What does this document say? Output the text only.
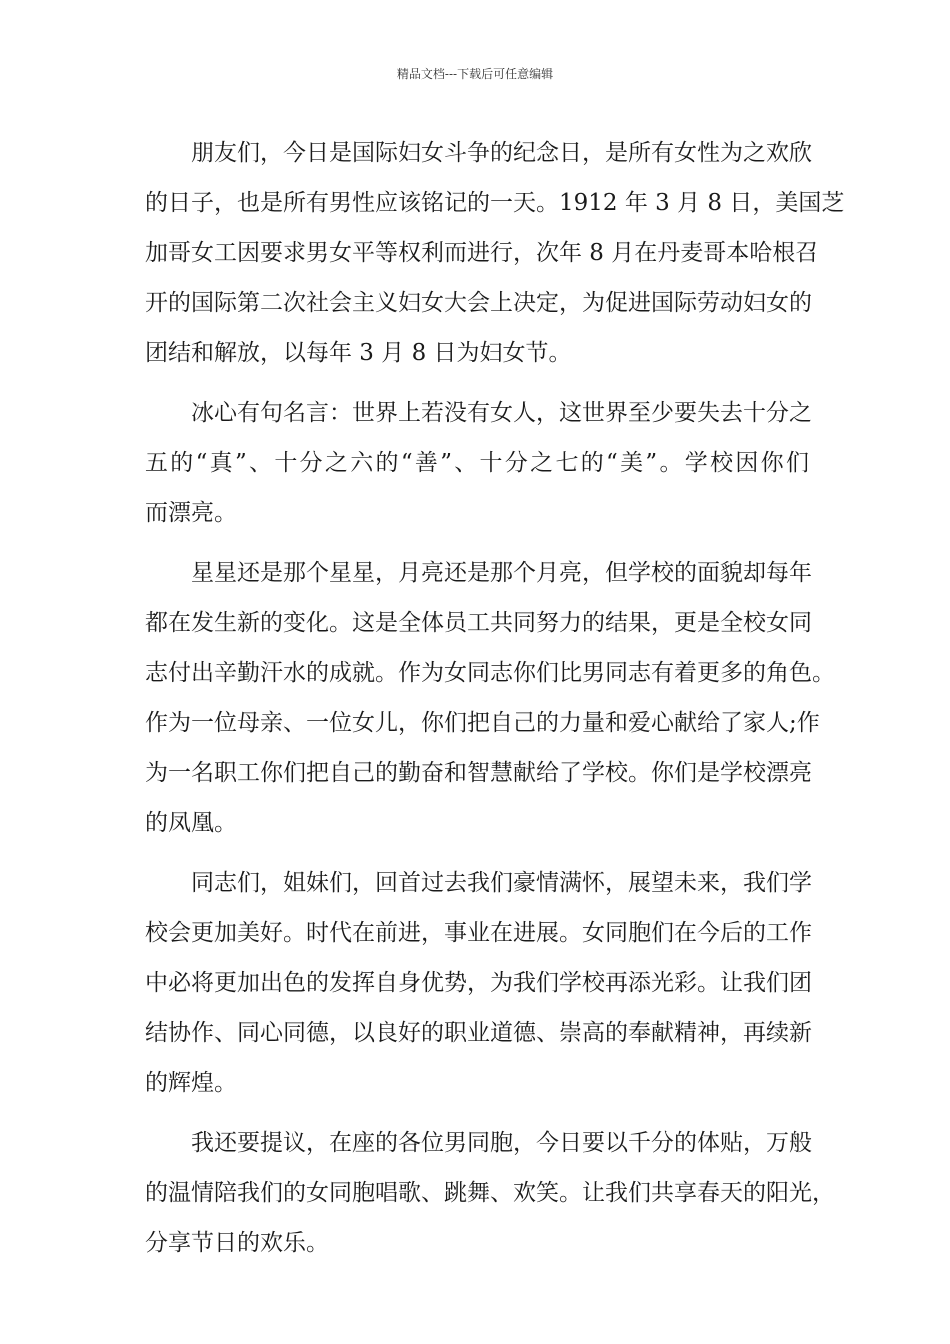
精品文档---下载后可任意编辑
朋友们，今日是国际妇女斗争的纪念日，是所有女性为之欢欣
的日子，也是所有男性应该铭记的一天。1912 年 3 月 8 日，美国芝
加哥女工因要求男女平等权利而进行，次年 8 月在丹麦哥本哈根召
开的国际第二次社会主义妇女大会上决定，为促进国际劳动妇女的
团结和解放，以每年 3 月 8 日为妇女节。
冰心有句名言：世界上若没有女人，这世界至少要失去十分之
五的“真”、十分之六的“善”、十分之七的“美”。学校因你们
而漂亮。
星星还是那个星星，月亮还是那个月亮，但学校的面貌却每年
都在发生新的变化。这是全体员工共同努力的结果，更是全校女同
志付出辛勤汗水的成就。作为女同志你们比男同志有着更多的角色。
作为一位母亲、一位女儿，你们把自己的力量和爱心献给了家人;作
为一名职工你们把自己的勤奋和智慧献给了学校。你们是学校漂亮
的凤凰。
同志们，姐妹们，回首过去我们豪情满怀，展望未来，我们学
校会更加美好。时代在前进，事业在进展。女同胞们在今后的工作
中必将更加出色的发挥自身优势，为我们学校再添光彩。让我们团
结协作、同心同德，以良好的职业道德、崇高的奉献精神，再续新
的辉煌。
我还要提议，在座的各位男同胞，今日要以千分的体贴，万般
的温情陪我们的女同胞唱歌、跳舞、欢笑。让我们共享春天的阳光，
分享节日的欢乐。
